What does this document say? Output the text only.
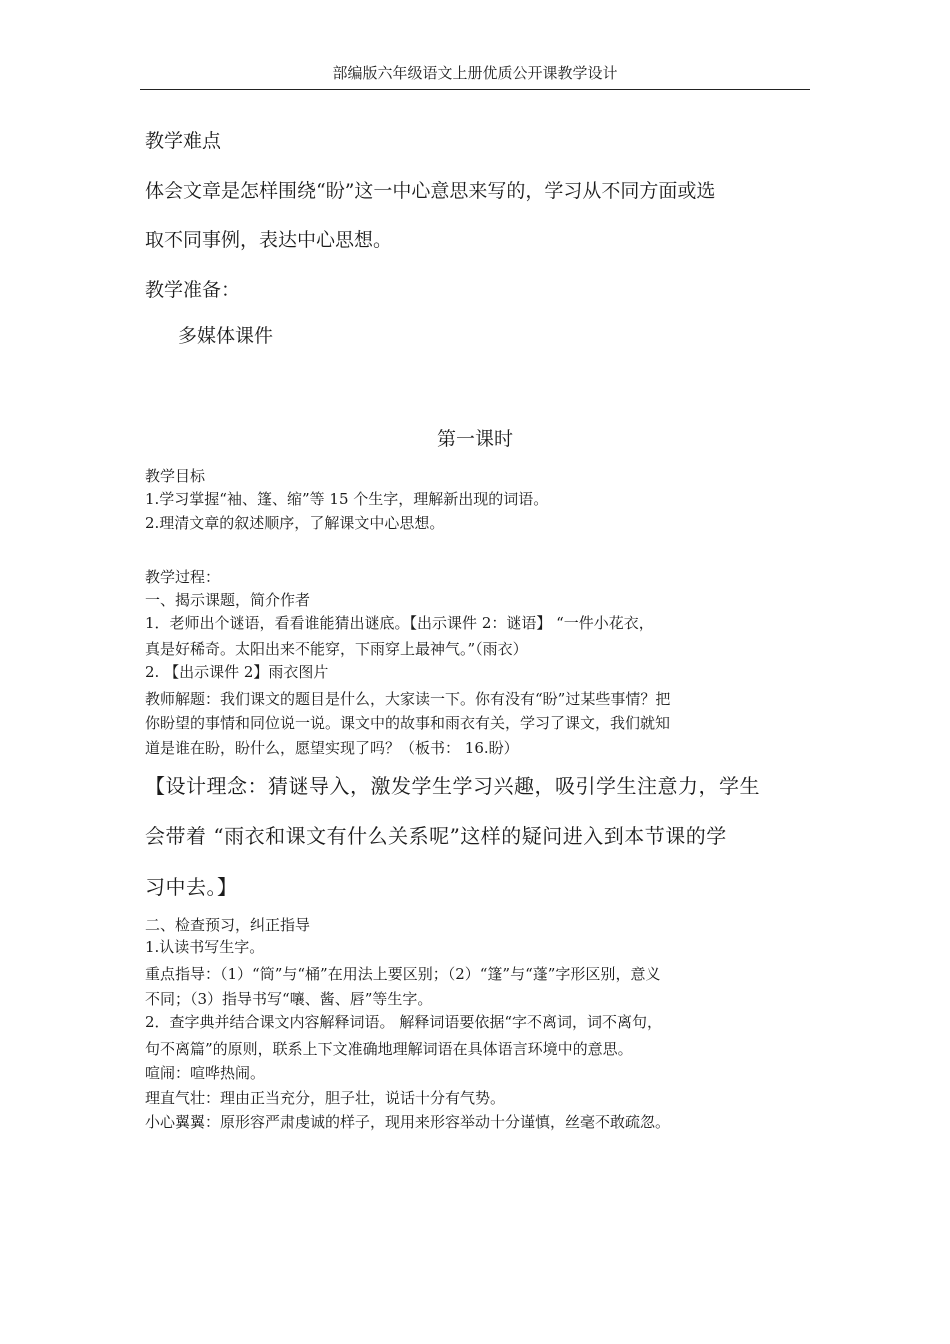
部编版六年级语文上册优质公开课教学设计
教学难点
体会文章是怎样围绕“盼”这一中心意思来写的，学习从不同方面或选
取不同事例，表达中心思想。
教学准备：
多媒体课件
第一课时
教学目标
1.学习掌握“袖、篷、缩”等 15 个生字，理解新出现的词语。
2.理清文章的叙述顺序，了解课文中心思想。
教学过程：
一、揭示课题，简介作者
1．老师出个谜语，看看谁能猜出谜底。【出示课件 2：谜语】 “一件小花衣，
真是好稀奇。太阳出来不能穿，下雨穿上最神气。”（雨衣）
2. 【出示课件 2】雨衣图片
教师解题：我们课文的题目是什么，大家读一下。你有没有“盼”过某些事情？把
你盼望的事情和同位说一说。课文中的故事和雨衣有关，学习了课文，我们就知
道是谁在盼，盼什么，愿望实现了吗？（板书： 16.盼）
【设计理念：猜谜导入，激发学生学习兴趣，吸引学生注意力，学生
会带着 “雨衣和课文有什么关系呢”这样的疑问进入到本节课的学
习中去。】
二、检查预习，纠正指导
1.认读书写生字。
重点指导：（1）“筒”与“桶”在用法上要区别；（2）“篷”与“蓬”字形区别，意义
不同；（3）指导书写“嚷、酱、唇”等生字。
2．查字典并结合课文内容解释词语。 解释词语要依据“字不离词，词不离句，
句不离篇”的原则，联系上下文准确地理解词语在具体语言环境中的意思。
喧闹：喧哗热闹。
理直气壮：理由正当充分，胆子壮，说话十分有气势。
小心翼翼：原形容严肃虔诚的样子，现用来形容举动十分谨慎，丝毫不敢疏忽。
